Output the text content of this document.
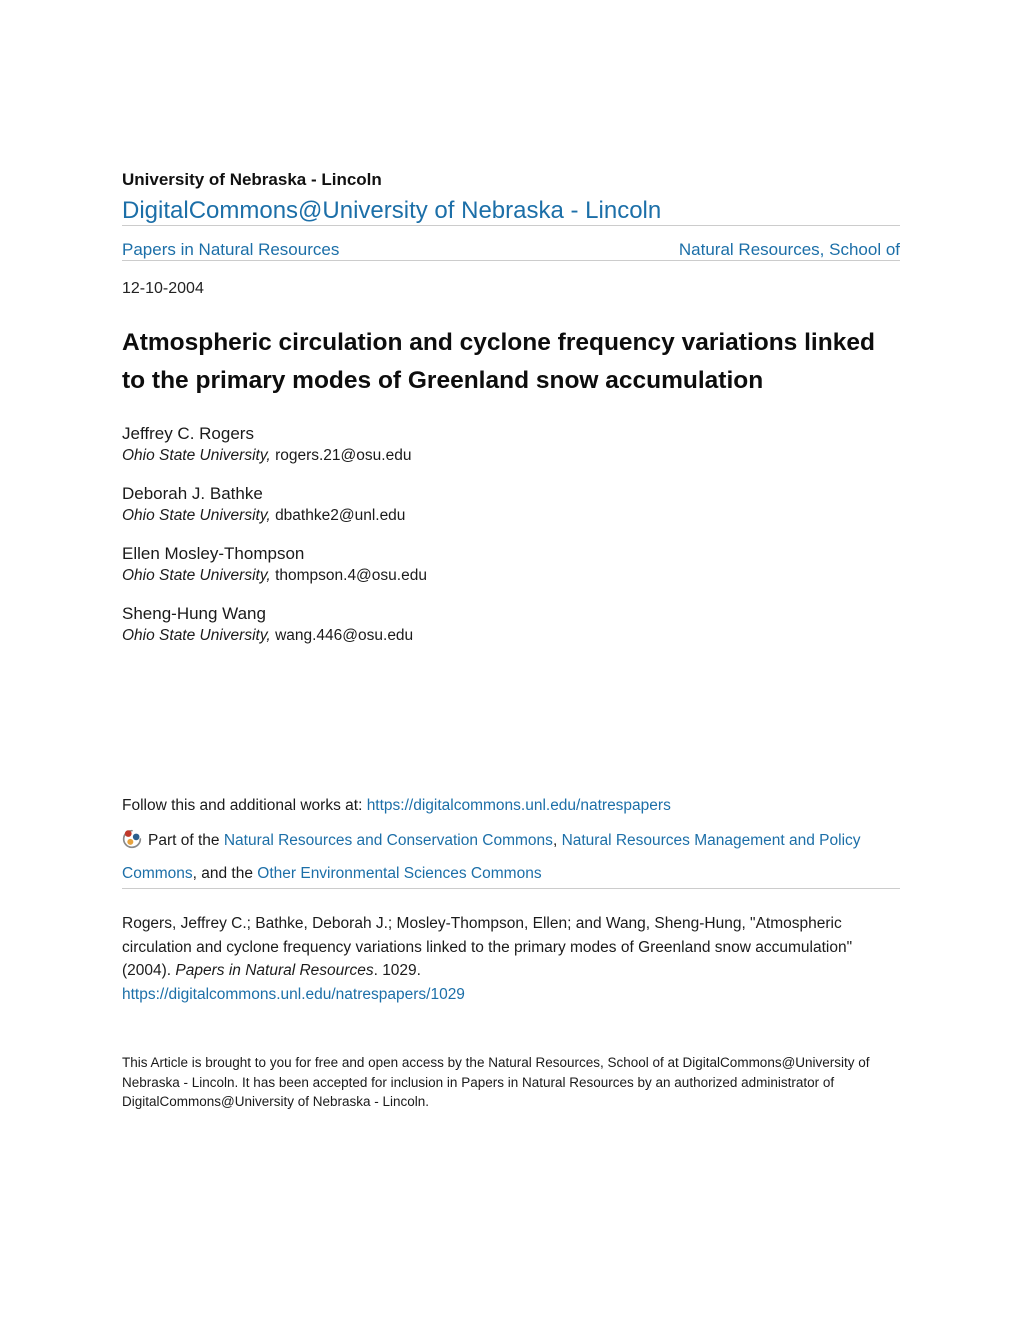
University of Nebraska - Lincoln
DigitalCommons@University of Nebraska - Lincoln
Papers in Natural Resources	Natural Resources, School of
12-10-2004
Atmospheric circulation and cyclone frequency variations linked to the primary modes of Greenland snow accumulation
Jeffrey C. Rogers
Ohio State University, rogers.21@osu.edu
Deborah J. Bathke
Ohio State University, dbathke2@unl.edu
Ellen Mosley-Thompson
Ohio State University, thompson.4@osu.edu
Sheng-Hung Wang
Ohio State University, wang.446@osu.edu
Follow this and additional works at: https://digitalcommons.unl.edu/natrespapers
Part of the Natural Resources and Conservation Commons, Natural Resources Management and Policy Commons, and the Other Environmental Sciences Commons
Rogers, Jeffrey C.; Bathke, Deborah J.; Mosley-Thompson, Ellen; and Wang, Sheng-Hung, "Atmospheric circulation and cyclone frequency variations linked to the primary modes of Greenland snow accumulation" (2004). Papers in Natural Resources. 1029.
https://digitalcommons.unl.edu/natrespapers/1029
This Article is brought to you for free and open access by the Natural Resources, School of at DigitalCommons@University of Nebraska - Lincoln. It has been accepted for inclusion in Papers in Natural Resources by an authorized administrator of DigitalCommons@University of Nebraska - Lincoln.
